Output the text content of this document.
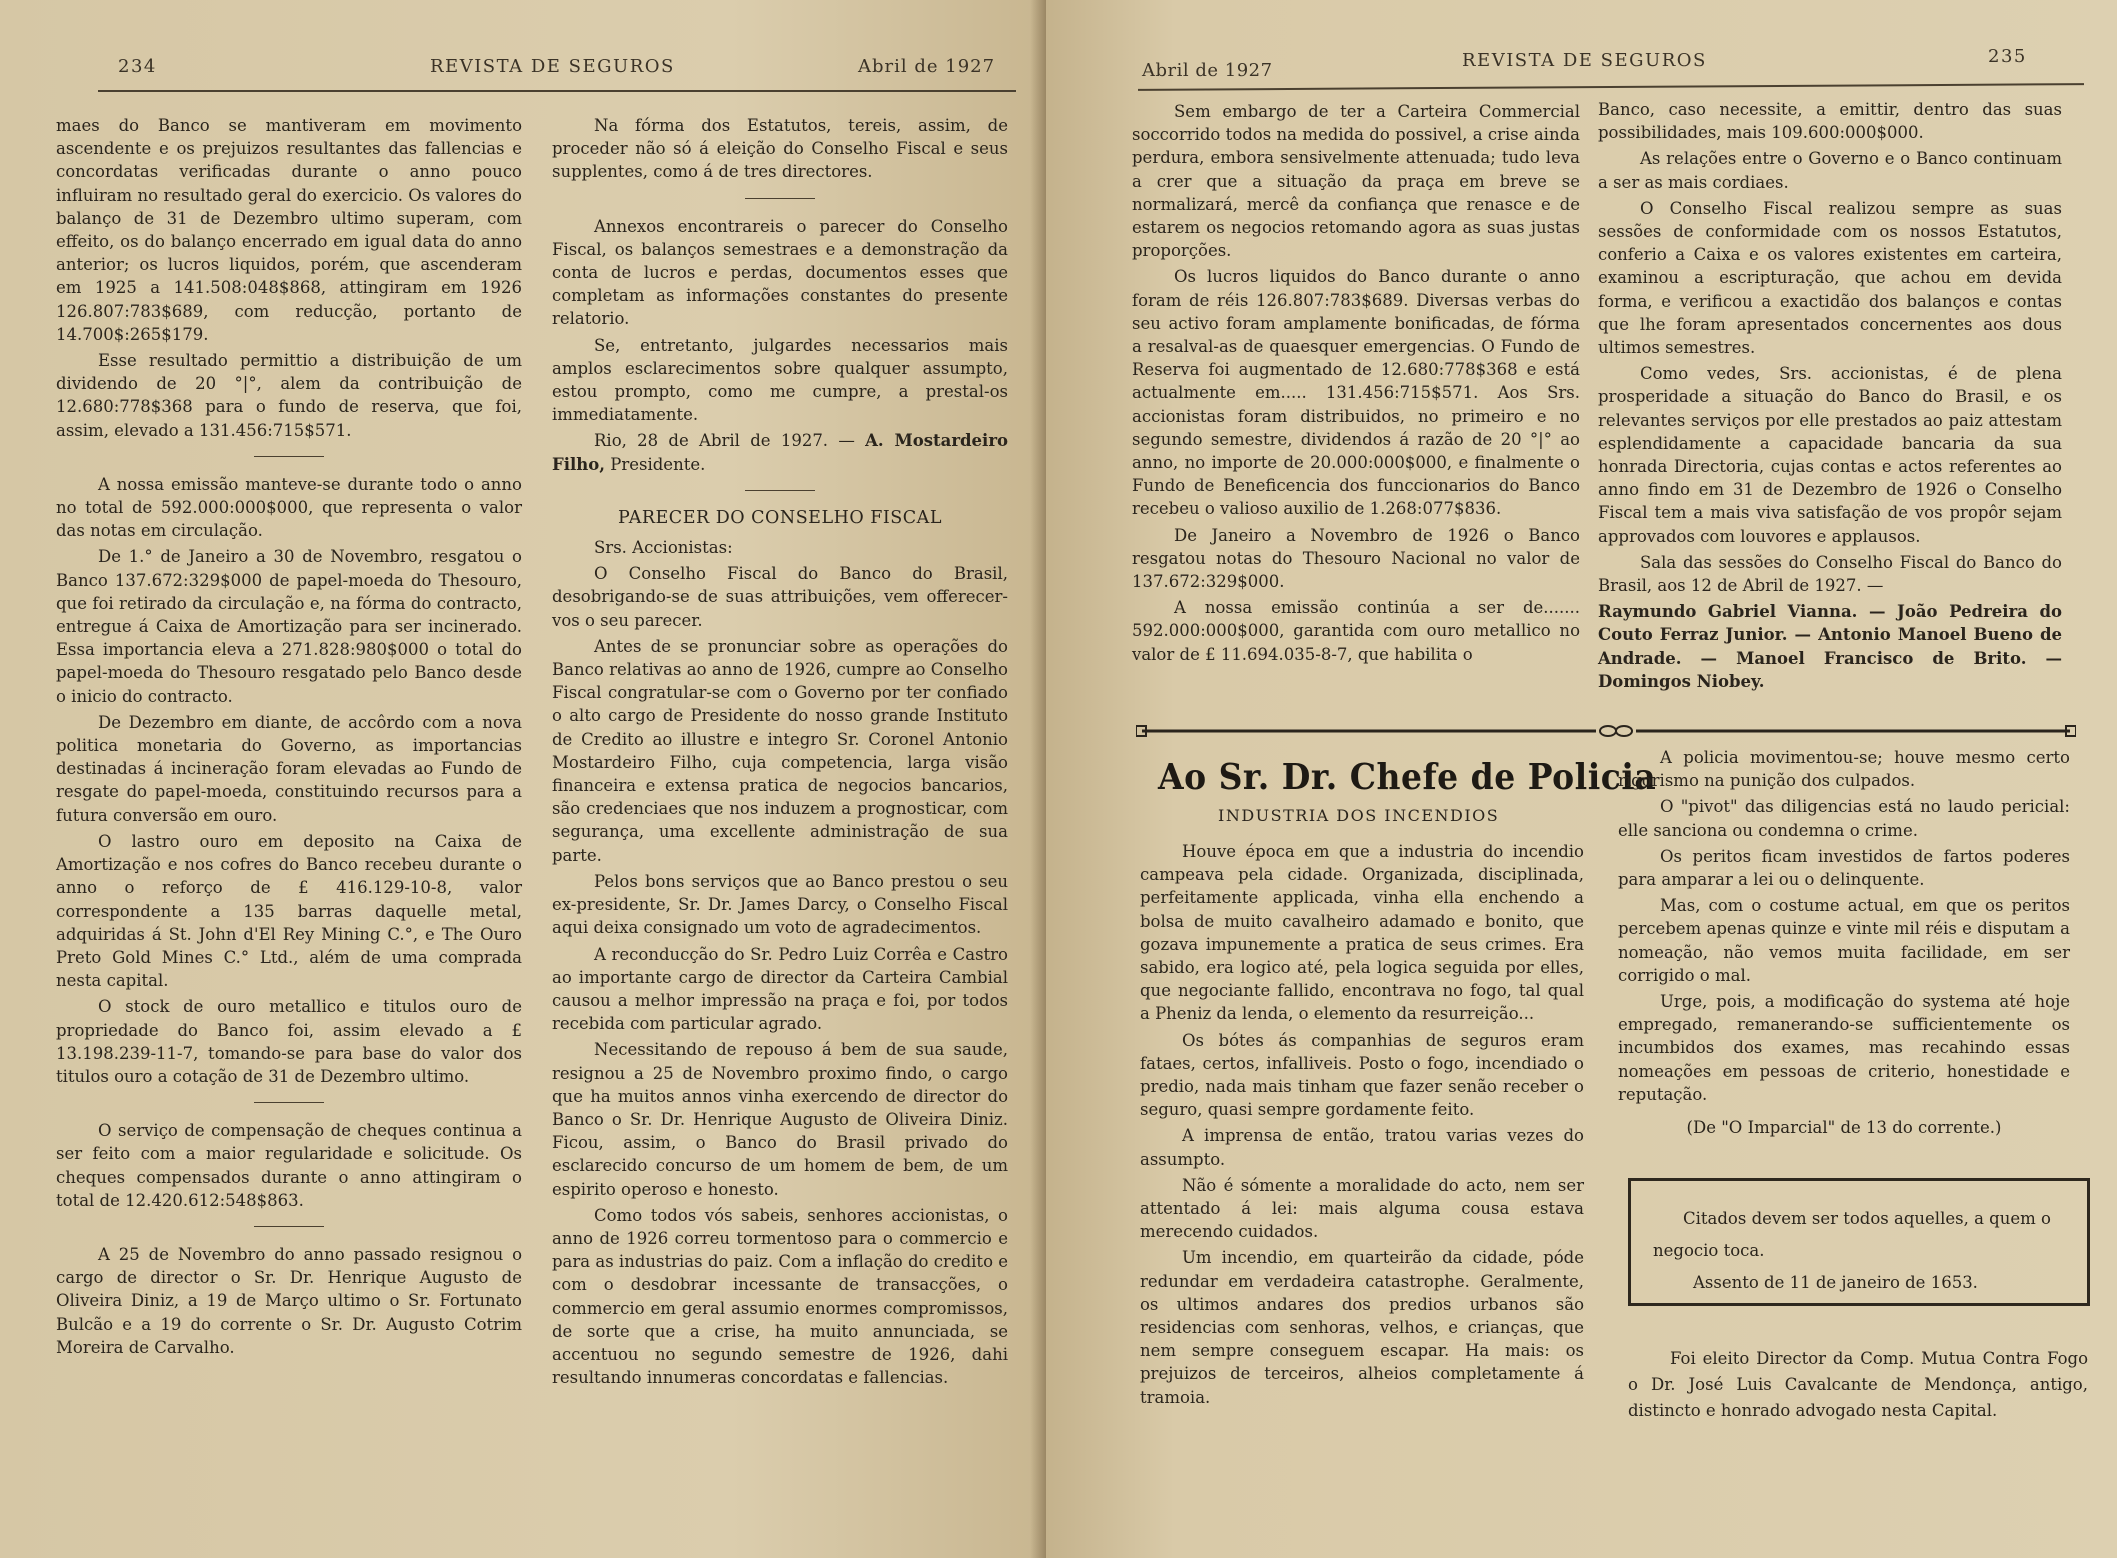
234	REVISTA DE SEGUROS	Abril de 1927

maes do Banco se mantiveram em movimento ascendente e os prejuizos resultantes das fallencias e concordatas verificadas durante o anno pouco influiram no resultado geral do exercicio. Os valores do balanço de 31 de Dezembro ultimo superam, com effeito, os do balanço encerrado em igual data do anno anterior; os lucros liquidos, porém, que ascenderam em 1925 a 141.508:048$868, attingiram em 1926 126.807:783$689, com reducção, portanto de 14.700$:265$179.

Esse resultado permittio a distribuição de um dividendo de 20 °|°, alem da contribuição de 12.680:778$368 para o fundo de reserva, que foi, assim, elevado a 131.456:715$571.

A nossa emissão manteve-se durante todo o anno no total de 592.000:000$000, que representa o valor das notas em circulação.

De 1.° de Janeiro a 30 de Novembro, resgatou o Banco 137.672:329$000 de papel-moeda do Thesouro, que foi retirado da circulação e, na fórma do contracto, entregue á Caixa de Amortização para ser incinerado. Essa importancia eleva a 271.828:980$000 o total do papel-moeda do Thesouro resgatado pelo Banco desde o inicio do contracto.

De Dezembro em diante, de accôrdo com a nova politica monetaria do Governo, as importancias destinadas á incineração foram elevadas ao Fundo de resgate do papel-moeda, constituindo recursos para a futura conversão em ouro.

O lastro ouro em deposito na Caixa de Amortização e nos cofres do Banco recebeu durante o anno o reforço de £ 416.129-10-8, valor correspondente a 135 barras daquelle metal, adquiridas á St. John d'El Rey Mining C.°, e The Ouro Preto Gold Mines C.° Ltd., além de uma comprada nesta capital.

O stock de ouro metallico e titulos ouro de propriedade do Banco foi, assim elevado a £ 13.198.239-11-7, tomando-se para base do valor dos titulos ouro a cotação de 31 de Dezembro ultimo.

O serviço de compensação de cheques continua a ser feito com a maior regularidade e solicitude. Os cheques compensados durante o anno attingiram o total de 12.420.612:548$863.

A 25 de Novembro do anno passado resignou o cargo de director o Sr. Dr. Henrique Augusto de Oliveira Diniz, a 19 de Março ultimo o Sr. Fortunato Bulcão e a 19 do corrente o Sr. Dr. Augusto Cotrim Moreira de Carvalho.

Na fórma dos Estatutos, tereis, assim, de proceder não só á eleição do Conselho Fiscal e seus supplentes, como á de tres directores.

Annexos encontrareis o parecer do Conselho Fiscal, os balanços semestraes e a demonstração da conta de lucros e perdas, documentos esses que completam as informações constantes do presente relatorio.

Se, entretanto, julgardes necessarios mais amplos esclarecimentos sobre qualquer assumpto, estou prompto, como me cumpre, a prestal-os immediatamente.

Rio, 28 de Abril de 1927. — A. Mostardeiro Filho, Presidente.

PARECER DO CONSELHO FISCAL

Srs. Accionistas:

O Conselho Fiscal do Banco do Brasil, desobrigando-se de suas attribuições, vem offerecer-vos o seu parecer.

Antes de se pronunciar sobre as operações do Banco relativas ao anno de 1926, cumpre ao Conselho Fiscal congratular-se com o Governo por ter confiado o alto cargo de Presidente do nosso grande Instituto de Credito ao illustre e integro Sr. Coronel Antonio Mostardeiro Filho, cuja competencia, larga visão financeira e extensa pratica de negocios bancarios, são credenciaes que nos induzem a prognosticar, com segurança, uma excellente administração de sua parte.

Pelos bons serviços que ao Banco prestou o seu ex-presidente, Sr. Dr. James Darcy, o Conselho Fiscal aqui deixa consignado um voto de agradecimentos.

A reconducção do Sr. Pedro Luiz Corrêa e Castro ao importante cargo de director da Carteira Cambial causou a melhor impressão na praça e foi, por todos recebida com particular agrado.

Necessitando de repouso á bem de sua saude, resignou a 25 de Novembro proximo findo, o cargo que ha muitos annos vinha exercendo de director do Banco o Sr. Dr. Henrique Augusto de Oliveira Diniz. Ficou, assim, o Banco do Brasil privado do esclarecido concurso de um homem de bem, de um espirito operoso e honesto.

Como todos vós sabeis, senhores accionistas, o anno de 1926 correu tormentoso para o commercio e para as industrias do paiz. Com a inflação do credito e com o desdobrar incessante de transacções, o commercio em geral assumio enormes compromissos, de sorte que a crise, ha muito annunciada, se accentuou no segundo semestre de 1926, dahi resultando innumeras concordatas e fallencias.

Abril de 1927	REVISTA DE SEGUROS	235

Sem embargo de ter a Carteira Commercial soccorrido todos na medida do possivel, a crise ainda perdura, embora sensivelmente attenuada; tudo leva a crer que a situação da praça em breve se normalizará, mercê da confiança que renasce e de estarem os negocios retomando agora as suas justas proporções.

Os lucros liquidos do Banco durante o anno foram de réis 126.807:783$689. Diversas verbas do seu activo foram amplamente bonificadas, de fórma a resalval-as de quaesquer emergencias. O Fundo de Reserva foi augmentado de 12.680:778$368 e está actualmente em..... 131.456:715$571. Aos Srs. accionistas foram distribuidos, no primeiro e no segundo semestre, dividendos á razão de 20 °|° ao anno, no importe de 20.000:000$000, e finalmente o Fundo de Beneficencia dos funccionarios do Banco recebeu o valioso auxilio de 1.268:077$836.

De Janeiro a Novembro de 1926 o Banco resgatou notas do Thesouro Nacional no valor de 137.672:329$000.

A nossa emissão continúa a ser de....... 592.000:000$000, garantida com ouro metallico no valor de £ 11.694.035-8-7, que habilita o

Banco, caso necessite, a emittir, dentro das suas possibilidades, mais 109.600:000$000.

As relações entre o Governo e o Banco continuam a ser as mais cordiaes.

O Conselho Fiscal realizou sempre as suas sessões de conformidade com os nossos Estatutos, conferio a Caixa e os valores existentes em carteira, examinou a escripturação, que achou em devida forma, e verificou a exactidão dos balanços e contas que lhe foram apresentados concernentes aos dous ultimos semestres.

Como vedes, Srs. accionistas, é de plena prosperidade a situação do Banco do Brasil, e os relevantes serviços por elle prestados ao paiz attestam esplendidamente a capacidade bancaria da sua honrada Directoria, cujas contas e actos referentes ao anno findo em 31 de Dezembro de 1926 o Conselho Fiscal tem a mais viva satisfação de vos propôr sejam approvados com louvores e applausos.

Sala das sessões do Conselho Fiscal do Banco do Brasil, aos 12 de Abril de 1927. —

Raymundo Gabriel Vianna. — João Pedreira do Couto Ferraz Junior. — Antonio Manoel Bueno de Andrade. — Manoel Francisco de Brito. — Domingos Niobey.

Ao Sr. Dr. Chefe de Policia
INDUSTRIA DOS INCENDIOS

Houve época em que a industria do incendio campeava pela cidade. Organizada, disciplinada, perfeitamente applicada, vinha ella enchendo a bolsa de muito cavalheiro adamado e bonito, que gozava impunemente a pratica de seus crimes. Era sabido, era logico até, pela logica seguida por elles, que negociante fallido, encontrava no fogo, tal qual a Pheniz da lenda, o elemento da resurreição...

Os bótes ás companhias de seguros eram fataes, certos, infalliveis. Posto o fogo, incendiado o predio, nada mais tinham que fazer senão receber o seguro, quasi sempre gordamente feito.

A imprensa de então, tratou varias vezes do assumpto.

Não é sómente a moralidade do acto, nem ser attentado á lei: mais alguma cousa estava merecendo cuidados.

Um incendio, em quarteirão da cidade, póde redundar em verdadeira catastrophe. Geralmente, os ultimos andares dos predios urbanos são residencias com senhoras, velhos, e crianças, que nem sempre conseguem escapar. Ha mais: os prejuizos de terceiros, alheios completamente á tramoia.

A policia movimentou-se; houve mesmo certo rigorismo na punição dos culpados.

O "pivot" das diligencias está no laudo pericial: elle sanciona ou condemna o crime.

Os peritos ficam investidos de fartos poderes para amparar a lei ou o delinquente.

Mas, com o costume actual, em que os peritos percebem apenas quinze e vinte mil réis e disputam a nomeação, não vemos muita facilidade, em ser corrigido o mal.

Urge, pois, a modificação do systema até hoje empregado, remanerando-se sufficientemente os incumbidos dos exames, mas recahindo essas nomeações em pessoas de criterio, honestidade e reputação.

(De "O Imparcial" de 13 do corrente.)

Citados devem ser todos aquelles, a quem o negocio toca.

Assento de 11 de janeiro de 1653.

Foi eleito Director da Comp. Mutua Contra Fogo o Dr. José Luis Cavalcante de Mendonça, antigo, distincto e honrado advogado nesta Capital.
